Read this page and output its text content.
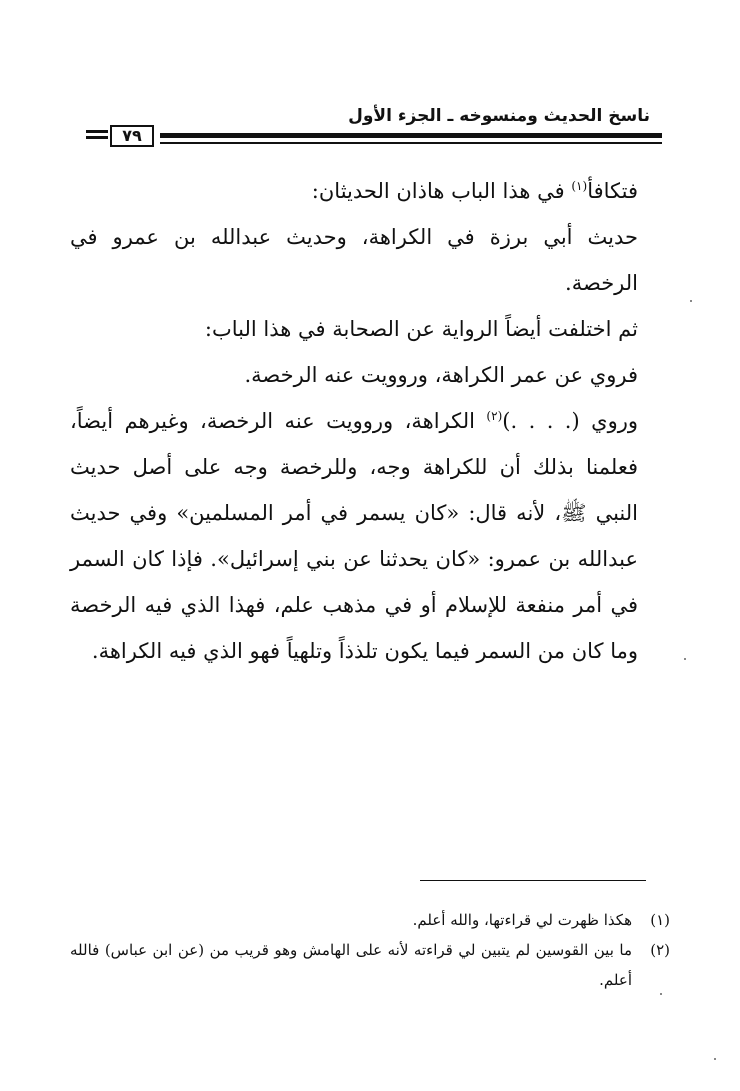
ناسخ الحديث ومنسوخه ـ الجزء الأول
٧٩

فتكافأ$^{(١)}$ في هذا الباب هاذان الحديثان:

حديث أبي برزة في الكراهة، وحديث عبدالله بن عمرو في الرخصة.

ثم اختلفت أيضاً الرواية عن الصحابة في هذا الباب:

فروي عن عمر الكراهة، وروويت عنه الرخصة.

وروي (. . . .)$^{(٢)}$ الكراهة، وروويت عنه الرخصة، وغيرهم أيضاً، فعلمنا بذلك أن للكراهة وجه، وللرخصة وجه على أصل حديث النبي ﷺ، لأنه قال: «كان يسمر في أمر المسلمين» وفي حديث عبدالله بن عمرو: «كان يحدثنا عن بني إسرائيل». فإذا كان السمر في أمر منفعة للإسلام أو في مذهب علم، فهذا الذي فيه الرخصة وما كان من السمر فيما يكون تلذذاً وتلهياً فهو الذي فيه الكراهة.

(١)
هكذا ظهرت لي قراءتها، والله أعلم.
(٢)
ما بين القوسين لم يتبين لي قراءته لأنه على الهامش وهو قريب من (عن ابن عباس) فالله أعلم.
